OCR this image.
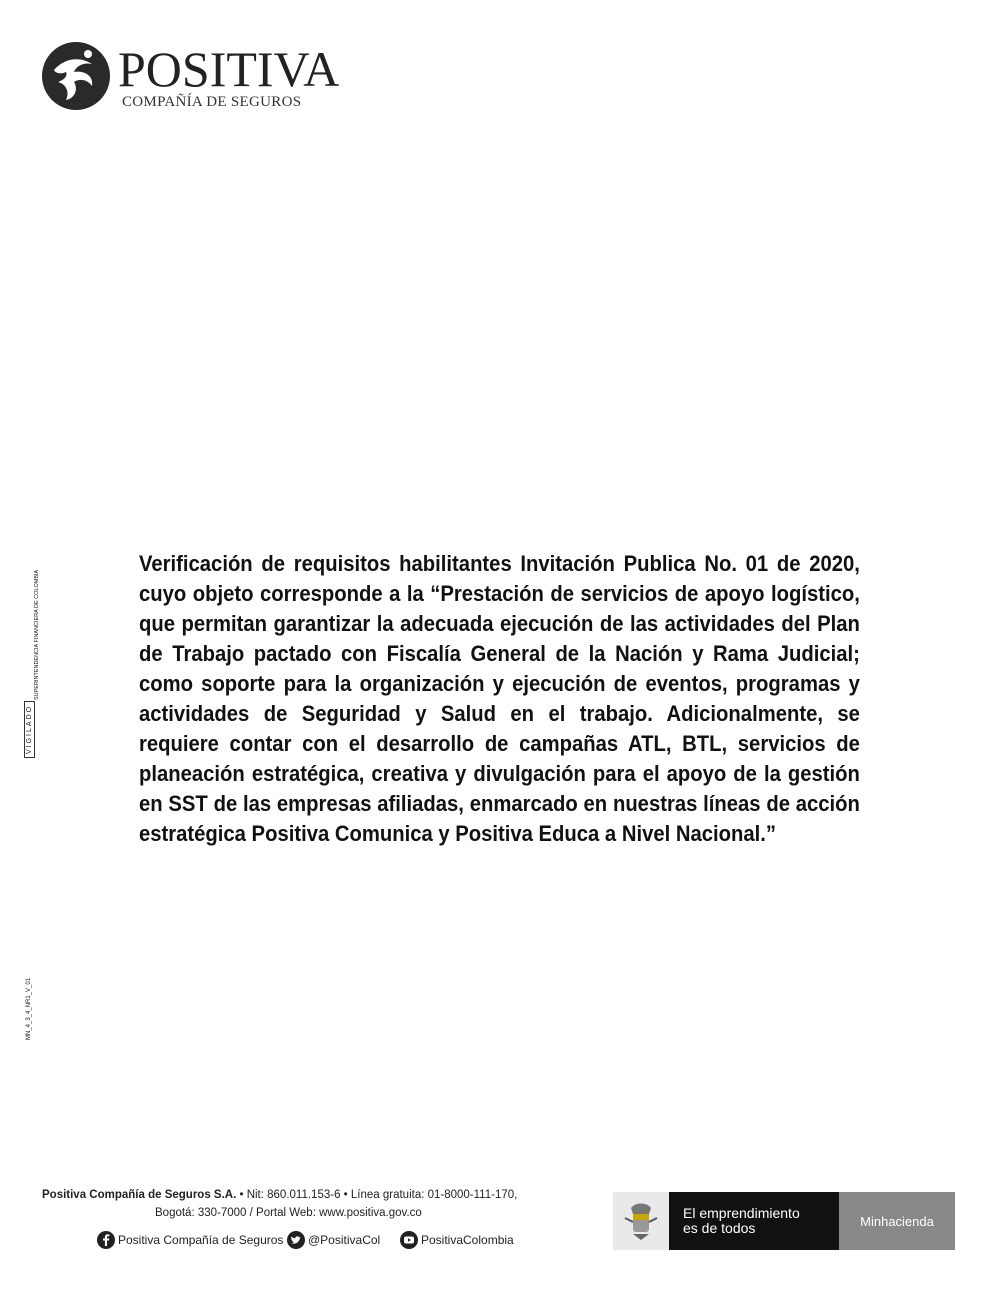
POSITIVA
COMPAÑÍA DE SEGUROS
VIGILADO
SUPERINTENDENCIA FINANCIERA DE COLOMBIA
Verificación de requisitos habilitantes Invitación Publica No. 01 de 2020, cuyo objeto corresponde a la “Prestación de servicios de apoyo logístico, que permitan garantizar la adecuada ejecución de las actividades del Plan de Trabajo pactado con Fiscalía General de la Nación y Rama Judicial; como soporte para la organización y ejecución de eventos, programas y actividades de Seguridad y Salud en el trabajo. Adicionalmente, se requiere contar con el desarrollo de campañas ATL, BTL, servicios de planeación estratégica, creativa y divulgación para el apoyo de la gestión en SST de las empresas afiliadas, enmarcado en nuestras líneas de acción estratégica Positiva Comunica y Positiva Educa a Nivel Nacional.”
MN_4_3_4_NR1_V_01
Positiva Compañía de Seguros S.A. • Nit: 860.011.153-6 • Línea gratuita: 01-8000-111-170,
Bogotá: 330-7000 / Portal Web: www.positiva.gov.co
Positiva Compañía de Seguros @PositivaCol	PositivaColombia
El emprendimiento
es de todos	Minhacienda
